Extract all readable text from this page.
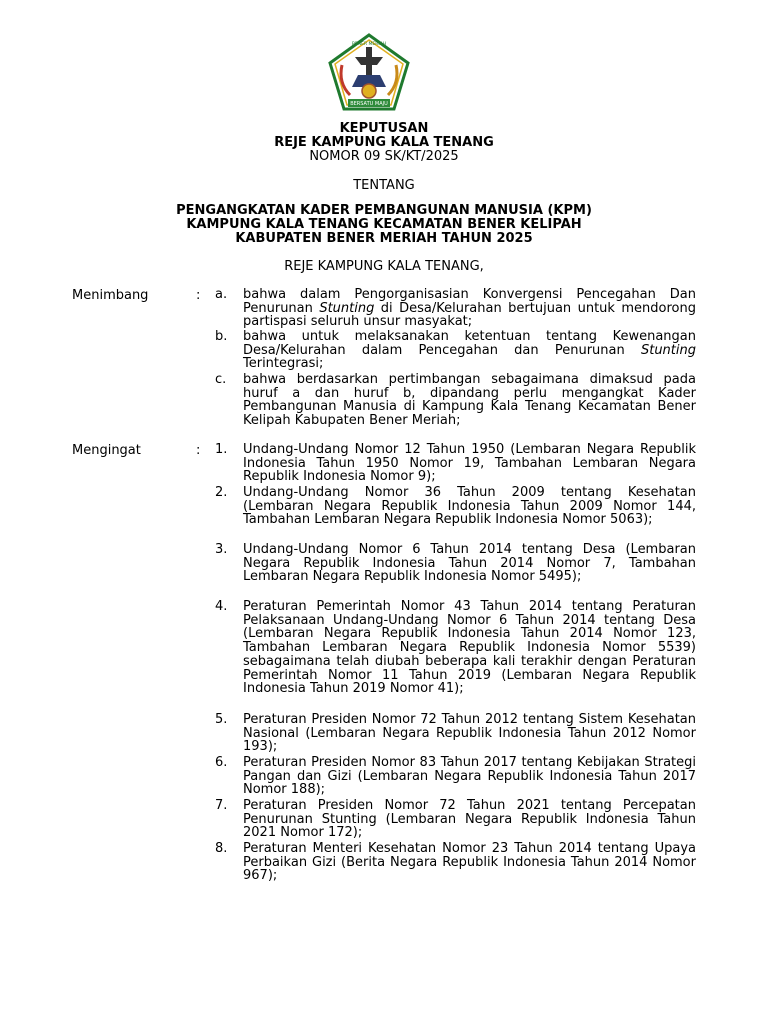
BERSATU MAJU
BENER MERIAH
KEPUTUSAN
REJE KAMPUNG KALA TENANG
NOMOR 09 SK/KT/2025
TENTANG
PENGANGKATAN KADER PEMBANGUNAN MANUSIA (KPM)
KAMPUNG KALA TENANG KECAMATAN BENER KELIPAH
KABUPATEN BENER MERIAH TAHUN 2025
REJE KAMPUNG KALA TENANG,
Menimbang	: a. bahwa dalam Pengorganisasian Konvergensi Pencegahan Dan Penurunan Stunting di Desa/Kelurahan bertujuan untuk mendorong partispasi seluruh unsur masyakat;
b. bahwa untuk melaksanakan ketentuan tentang Kewenangan Desa/Kelurahan dalam Pencegahan dan Penurunan Stunting Terintegrasi;
c. bahwa berdasarkan pertimbangan sebagaimana dimaksud pada huruf a dan huruf b, dipandang perlu mengangkat Kader Pembangunan Manusia di Kampung Kala Tenang Kecamatan Bener Kelipah Kabupaten Bener Meriah;
Mengingat	: 1. Undang-Undang Nomor 12 Tahun 1950 (Lembaran Negara Republik Indonesia Tahun 1950 Nomor 19, Tambahan Lembaran Negara Republik Indonesia Nomor 9);
2. Undang-Undang Nomor 36 Tahun 2009 tentang Kesehatan (Lembaran Negara Republik Indonesia Tahun 2009 Nomor 144, Tambahan Lembaran Negara Republik Indonesia Nomor 5063);
3. Undang-Undang Nomor 6 Tahun 2014 tentang Desa (Lembaran Negara Republik Indonesia Tahun 2014 Nomor 7, Tambahan Lembaran Negara Republik Indonesia Nomor 5495);
4. Peraturan Pemerintah Nomor 43 Tahun 2014 tentang Peraturan Pelaksanaan Undang-Undang Nomor 6 Tahun 2014 tentang Desa (Lembaran Negara Republik Indonesia Tahun 2014 Nomor 123, Tambahan Lembaran Negara Republik Indonesia Nomor 5539) sebagaimana telah diubah beberapa kali terakhir dengan Peraturan Pemerintah Nomor 11 Tahun 2019 (Lembaran Negara Republik Indonesia Tahun 2019 Nomor 41);
5. Peraturan Presiden Nomor 72 Tahun 2012 tentang Sistem Kesehatan Nasional (Lembaran Negara Republik Indonesia Tahun 2012 Nomor 193);
6. Peraturan Presiden Nomor 83 Tahun 2017 tentang Kebijakan Strategi Pangan dan Gizi (Lembaran Negara Republik Indonesia Tahun 2017 Nomor 188);
7. Peraturan Presiden Nomor 72 Tahun 2021 tentang Percepatan Penurunan Stunting (Lembaran Negara Republik Indonesia Tahun 2021 Nomor 172);
8. Peraturan Menteri Kesehatan Nomor 23 Tahun 2014 tentang Upaya Perbaikan Gizi (Berita Negara Republik Indonesia Tahun 2014 Nomor 967);
